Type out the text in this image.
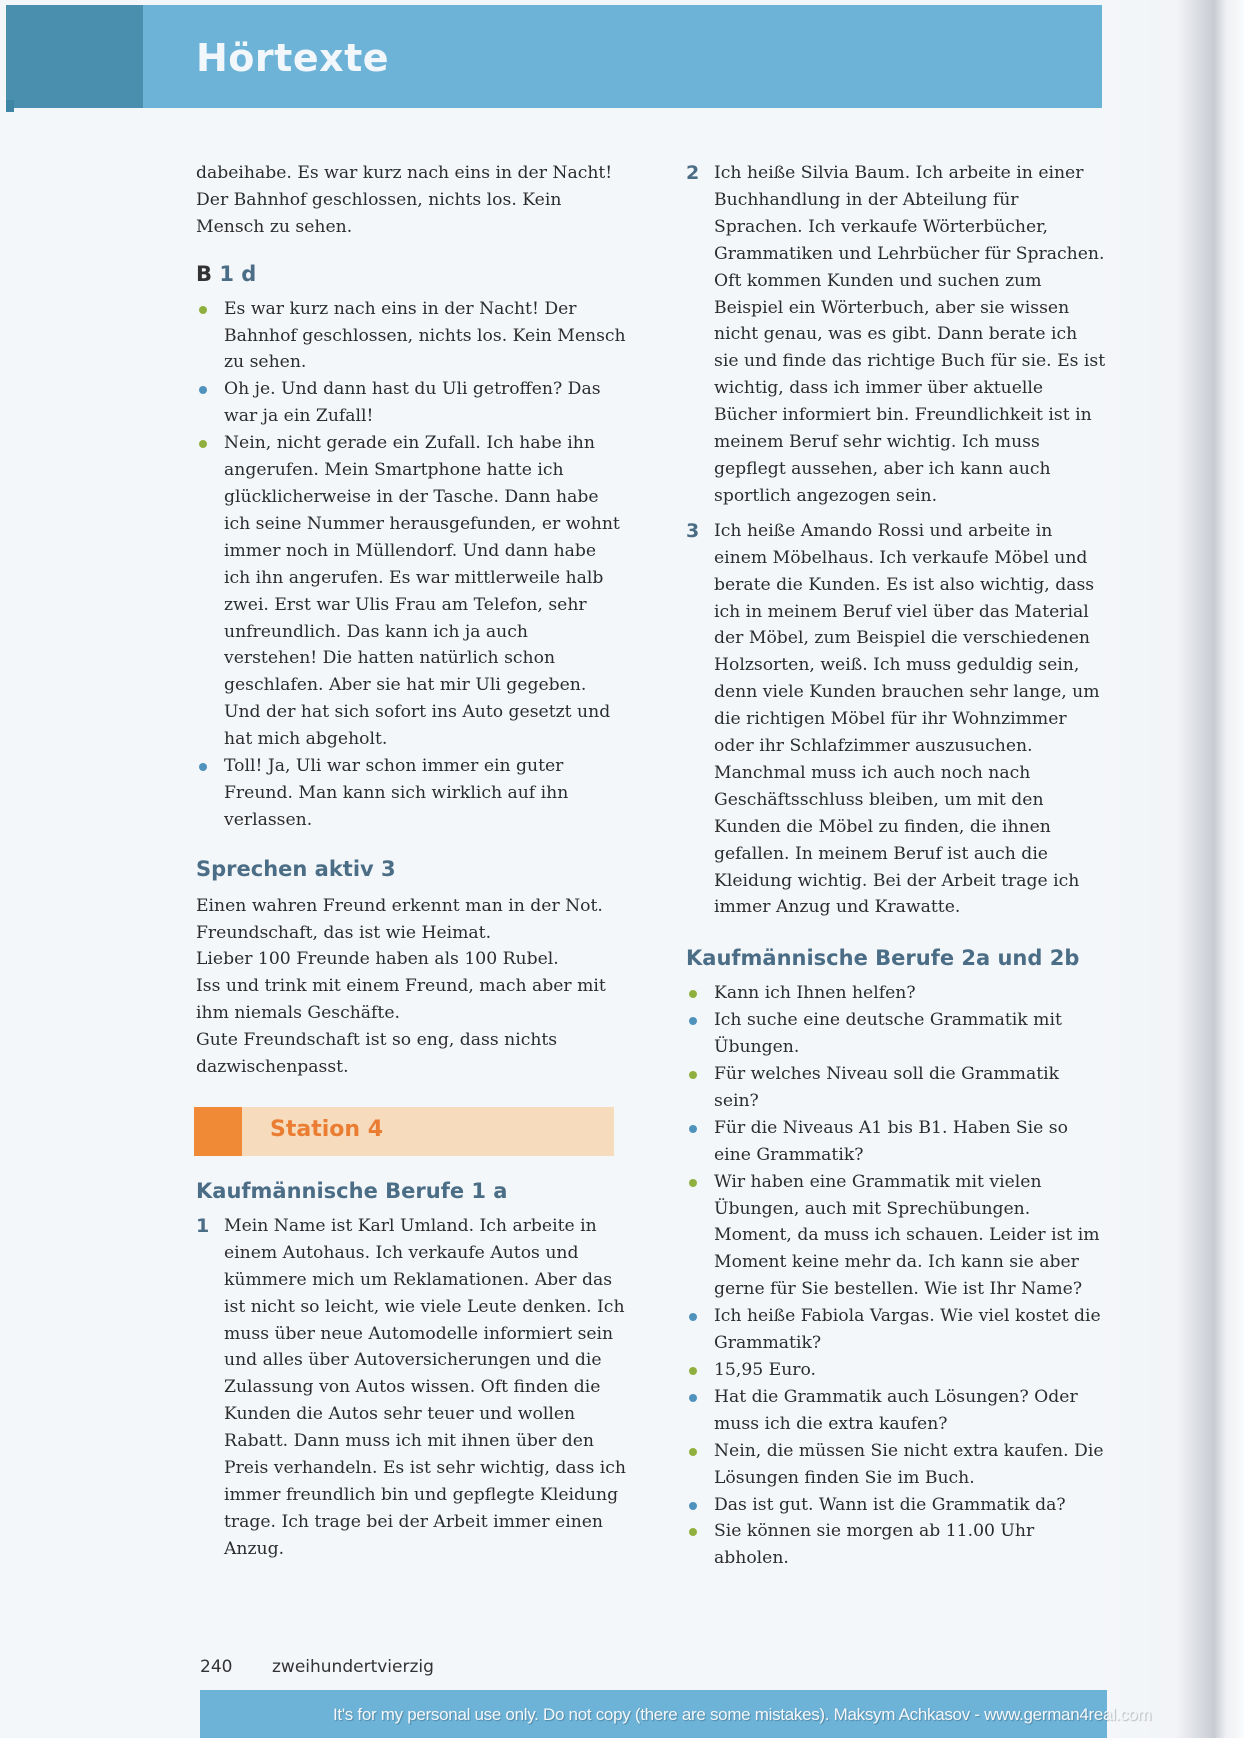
Hörtexte

dabeihabe. Es war kurz nach eins in der Nacht! Der Bahnhof geschlossen, nichts los. Kein Mensch zu sehen.

B 1 d
Es war kurz nach eins in der Nacht! Der Bahnhof geschlossen, nichts los. Kein Mensch zu sehen.
Oh je. Und dann hast du Uli getroffen? Das war ja ein Zufall!
Nein, nicht gerade ein Zufall. Ich habe ihn angerufen. Mein Smartphone hatte ich glücklicherweise in der Tasche. Dann habe ich seine Nummer herausgefunden, er wohnt immer noch in Müllendorf. Und dann habe ich ihn angerufen. Es war mittlerweile halb zwei. Erst war Ulis Frau am Telefon, sehr unfreundlich. Das kann ich ja auch verstehen! Die hatten natürlich schon geschlafen. Aber sie hat mir Uli gegeben. Und der hat sich sofort ins Auto gesetzt und hat mich abgeholt.
Toll! Ja, Uli war schon immer ein guter Freund. Man kann sich wirklich auf ihn verlassen.
Sprechen aktiv 3
Einen wahren Freund erkennt man in der Not.
Freundschaft, das ist wie Heimat.
Lieber 100 Freunde haben als 100 Rubel.
Iss und trink mit einem Freund, mach aber mit ihm niemals Geschäfte.
Gute Freundschaft ist so eng, dass nichts dazwischenpasst.
Station 4
Kaufmännische Berufe 1 a

1 Mein Name ist Karl Umland. Ich arbeite in einem Autohaus. Ich verkaufe Autos und kümmere mich um Reklamationen. Aber das ist nicht so leicht, wie viele Leute denken. Ich muss über neue Automodelle informiert sein und alles über Autoversicherungen und die Zulassung von Autos wissen. Oft finden die Kunden die Autos sehr teuer und wollen Rabatt. Dann muss ich mit ihnen über den Preis verhandeln. Es ist sehr wichtig, dass ich immer freundlich bin und gepflegte Kleidung trage. Ich trage bei der Arbeit immer einen Anzug.

2 Ich heiße Silvia Baum. Ich arbeite in einer Buchhandlung in der Abteilung für Sprachen. Ich verkaufe Wörterbücher, Grammatiken und Lehrbücher für Sprachen. Oft kommen Kunden und suchen zum Beispiel ein Wörterbuch, aber sie wissen nicht genau, was es gibt. Dann berate ich sie und finde das richtige Buch für sie. Es ist wichtig, dass ich immer über aktuelle Bücher informiert bin. Freundlichkeit ist in meinem Beruf sehr wichtig. Ich muss gepflegt aussehen, aber ich kann auch sportlich angezogen sein.

3 Ich heiße Amando Rossi und arbeite in einem Möbelhaus. Ich verkaufe Möbel und berate die Kunden. Es ist also wichtig, dass ich in meinem Beruf viel über das Material der Möbel, zum Beispiel die verschiedenen Holzsorten, weiß. Ich muss geduldig sein, denn viele Kunden brauchen sehr lange, um die richtigen Möbel für ihr Wohnzimmer oder ihr Schlafzimmer auszusuchen. Manchmal muss ich auch noch nach Geschäftsschluss bleiben, um mit den Kunden die Möbel zu finden, die ihnen gefallen. In meinem Beruf ist auch die Kleidung wichtig. Bei der Arbeit trage ich immer Anzug und Krawatte.

Kaufmännische Berufe 2a und 2b
Kann ich Ihnen helfen?
Ich suche eine deutsche Grammatik mit Übungen.
Für welches Niveau soll die Grammatik sein?
Für die Niveaus A1 bis B1. Haben Sie so eine Grammatik?
Wir haben eine Grammatik mit vielen Übungen, auch mit Sprechübungen. Moment, da muss ich schauen. Leider ist im Moment keine mehr da. Ich kann sie aber gerne für Sie bestellen. Wie ist Ihr Name?
Ich heiße Fabiola Vargas. Wie viel kostet die Grammatik?
15,95 Euro.
Hat die Grammatik auch Lösungen? Oder muss ich die extra kaufen?
Nein, die müssen Sie nicht extra kaufen. Die Lösungen finden Sie im Buch.
Das ist gut. Wann ist die Grammatik da?
Sie können sie morgen ab 11.00 Uhr abholen.
240 zweihundertvierzig
It's for my personal use only. Do not copy (there are some mistakes). Maksym Achkasov - www.german4real.com
